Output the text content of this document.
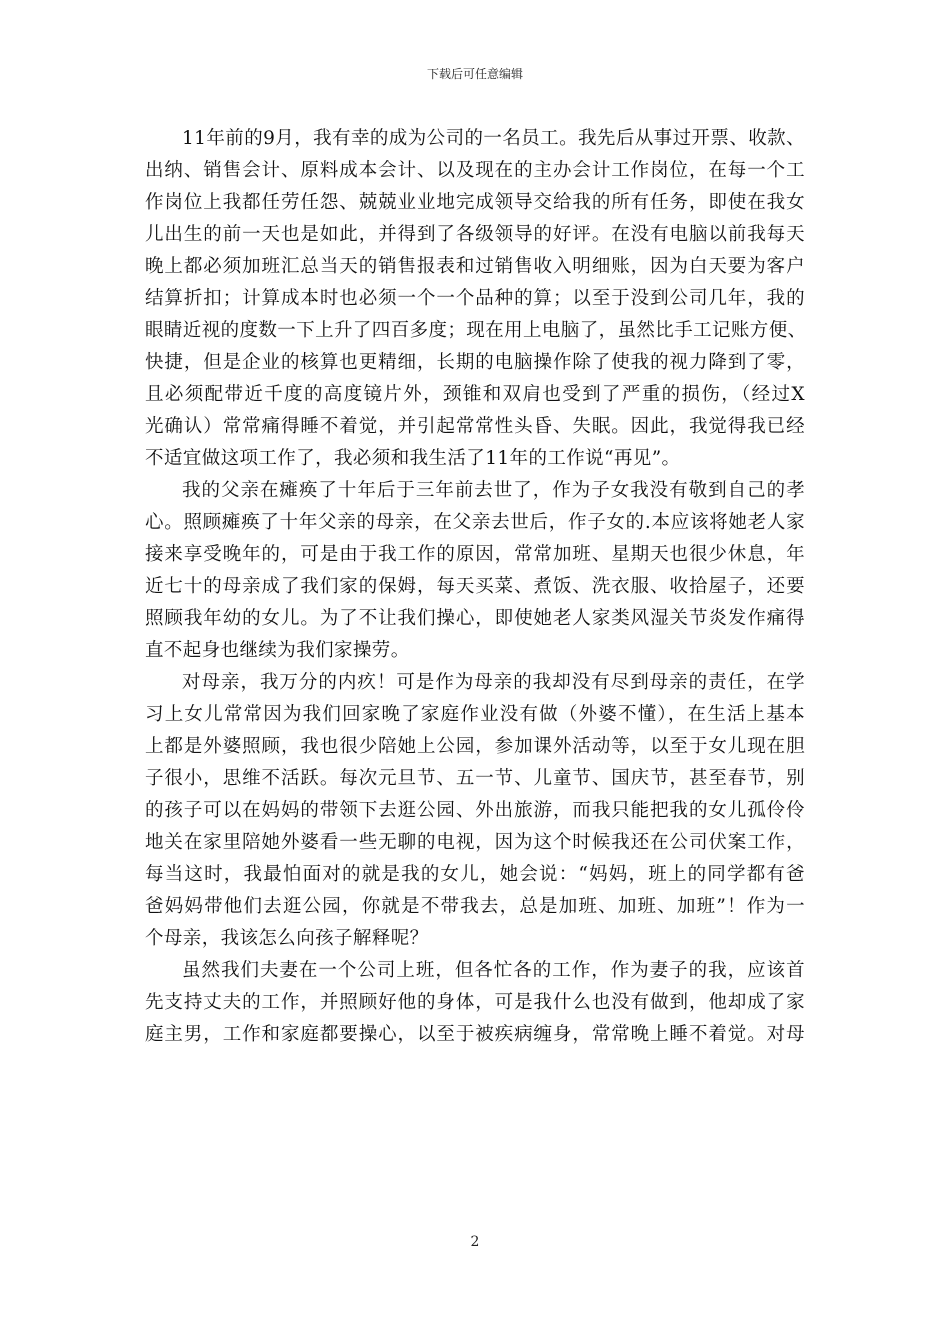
下载后可任意编辑
11年前的9月，我有幸的成为公司的一名员工。我先后从事过开票、收款、
出纳、销售会计、原料成本会计、以及现在的主办会计工作岗位，在每一个工
作岗位上我都任劳任怨、兢兢业业地完成领导交给我的所有任务，即使在我女
儿出生的前一天也是如此，并得到了各级领导的好评。在没有电脑以前我每天
晚上都必须加班汇总当天的销售报表和过销售收入明细账，因为白天要为客户
结算折扣；计算成本时也必须一个一个品种的算；以至于没到公司几年，我的
眼睛近视的度数一下上升了四百多度；现在用上电脑了，虽然比手工记账方便、
快捷，但是企业的核算也更精细，长期的电脑操作除了使我的视力降到了零，
且必须配带近千度的高度镜片外，颈锥和双肩也受到了严重的损伤，（经过X
光确认）常常痛得睡不着觉，并引起常常性头昏、失眠。因此，我觉得我已经
不适宜做这项工作了，我必须和我生活了11年的工作说“再见”。
我的父亲在瘫痪了十年后于三年前去世了，作为子女我没有敬到自己的孝
心。照顾瘫痪了十年父亲的母亲，在父亲去世后，作子女的.本应该将她老人家
接来享受晚年的，可是由于我工作的原因，常常加班、星期天也很少休息，年
近七十的母亲成了我们家的保姆，每天买菜、煮饭、洗衣服、收拾屋子，还要
照顾我年幼的女儿。为了不让我们操心，即使她老人家类风湿关节炎发作痛得
直不起身也继续为我们家操劳。
对母亲，我万分的内疚！可是作为母亲的我却没有尽到母亲的责任，在学
习上女儿常常因为我们回家晚了家庭作业没有做（外婆不懂），在生活上基本
上都是外婆照顾，我也很少陪她上公园，参加课外活动等，以至于女儿现在胆
子很小，思维不活跃。每次元旦节、五一节、儿童节、国庆节，甚至春节，别
的孩子可以在妈妈的带领下去逛公园、外出旅游，而我只能把我的女儿孤伶伶
地关在家里陪她外婆看一些无聊的电视，因为这个时候我还在公司伏案工作，
每当这时，我最怕面对的就是我的女儿，她会说：“妈妈，班上的同学都有爸
爸妈妈带他们去逛公园，你就是不带我去，总是加班、加班、加班”！作为一
个母亲，我该怎么向孩子解释呢？
虽然我们夫妻在一个公司上班，但各忙各的工作，作为妻子的我，应该首
先支持丈夫的工作，并照顾好他的身体，可是我什么也没有做到，他却成了家
庭主男，工作和家庭都要操心，以至于被疾病缠身，常常晚上睡不着觉。对母
2
